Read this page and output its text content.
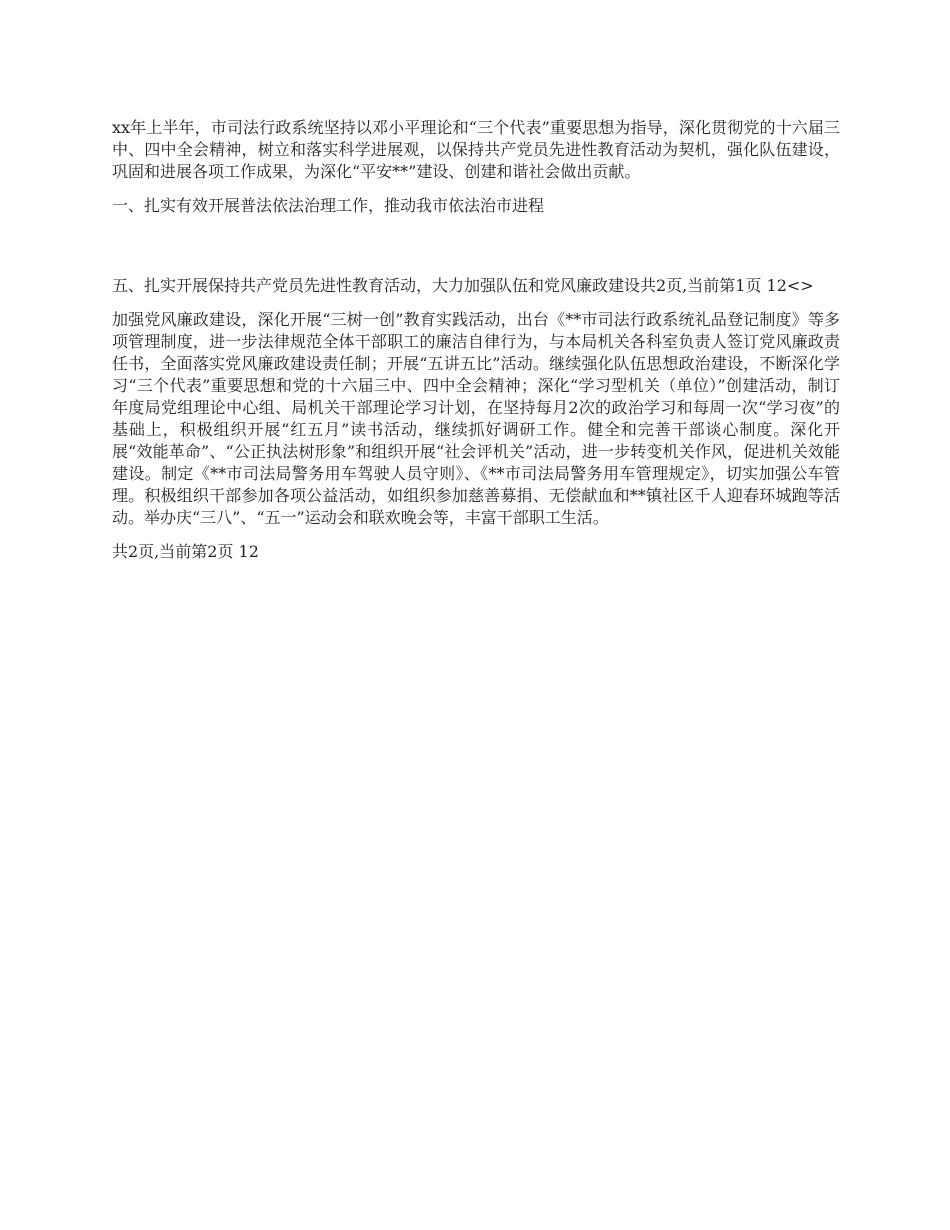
xx年上半年，市司法行政系统坚持以邓小平理论和“三个代表”重要思想为指导，深化贯彻党的十六届三中、四中全会精神，树立和落实科学进展观，以保持共产党员先进性教育活动为契机，强化队伍建设，巩固和进展各项工作成果，为深化“平安**”建设、创建和谐社会做出贡献。

一、扎实有效开展普法依法治理工作，推动我市依法治市进程

五、扎实开展保持共产党员先进性教育活动，大力加强队伍和党风廉政建设共2页,当前第1页 12<>

加强党风廉政建设，深化开展“三树一创”教育实践活动，出台《**市司法行政系统礼品登记制度》等多项管理制度，进一步法律规范全体干部职工的廉洁自律行为，与本局机关各科室负责人签订党风廉政责任书，全面落实党风廉政建设责任制；开展“五讲五比”活动。继续强化队伍思想政治建设，不断深化学习“三个代表”重要思想和党的十六届三中、四中全会精神；深化“学习型机关（单位）”创建活动，制订年度局党组理论中心组、局机关干部理论学习计划，在坚持每月2次的政治学习和每周一次“学习夜”的基础上，积极组织开展“红五月”读书活动，继续抓好调研工作。健全和完善干部谈心制度。深化开展“效能革命”、“公正执法树形象”和组织开展“社会评机关”活动，进一步转变机关作风，促进机关效能建设。制定《**市司法局警务用车驾驶人员守则》、《**市司法局警务用车管理规定》，切实加强公车管理。积极组织干部参加各项公益活动，如组织参加慈善募捐、无偿献血和**镇社区千人迎春环城跑等活动。举办庆“三八”、“五一”运动会和联欢晚会等，丰富干部职工生活。

共2页,当前第2页 12
